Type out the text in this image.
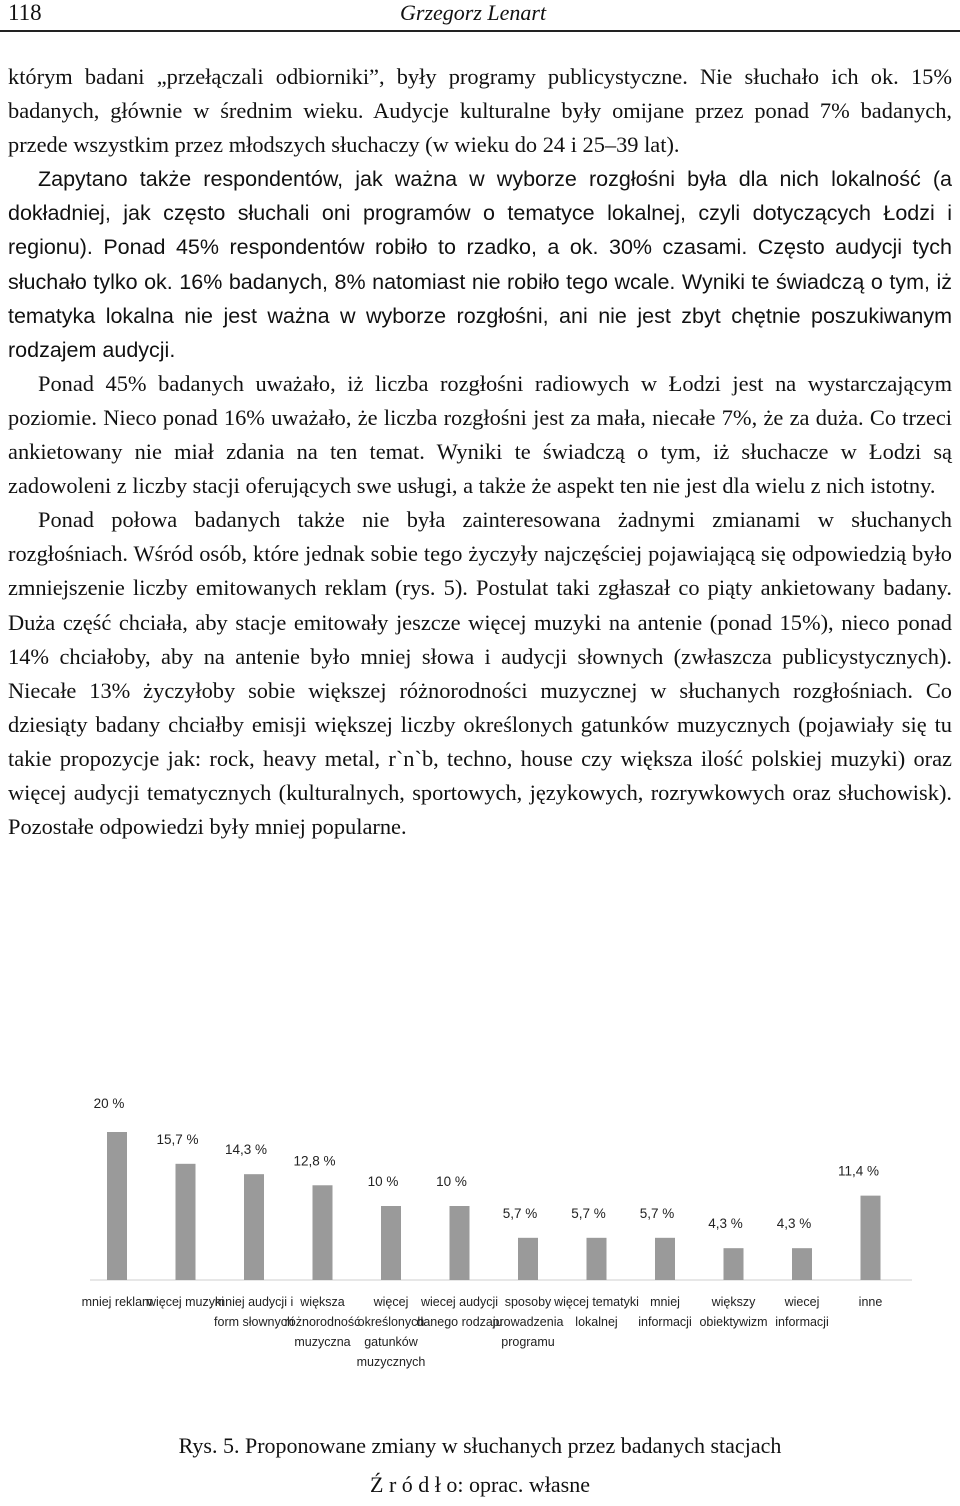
118	Grzegorz Lenart

którym badani „przełączali odbiorniki”, były programy publicystyczne. Nie słuchało ich ok. 15% badanych, głównie w średnim wieku. Audycje kulturalne były omijane przez ponad 7% badanych, przede wszystkim przez młodszych słuchaczy (w wieku do 24 i 25–39 lat).

Zapytano także respondentów, jak ważna w wyborze rozgłośni była dla nich lokalność (a dokładniej, jak często słuchali oni programów o tematyce lokalnej, czyli dotyczących Łodzi i regionu). Ponad 45% respondentów robiło to rzadko, a ok. 30% czasami. Często audycji tych słuchało tylko ok. 16% badanych, 8% natomiast nie robiło tego wcale. Wyniki te świadczą o tym, iż tematyka lokalna nie jest ważna w wyborze rozgłośni, ani nie jest zbyt chętnie poszukiwanym rodzajem audycji.

Ponad 45% badanych uważało, iż liczba rozgłośni radiowych w Łodzi jest na wystarczającym poziomie. Nieco ponad 16% uważało, że liczba rozgłośni jest za mała, niecałe 7%, że za duża. Co trzeci ankietowany nie miał zdania na ten temat. Wyniki te świadczą o tym, iż słuchacze w Łodzi są zadowoleni z liczby stacji oferujących swe usługi, a także że aspekt ten nie jest dla wielu z nich istotny.

Ponad połowa badanych także nie była zainteresowana żadnymi zmianami w słuchanych rozgłośniach. Wśród osób, które jednak sobie tego życzyły najczęściej pojawiającą się odpowiedzią było zmniejszenie liczby emitowanych reklam (rys. 5). Postulat taki zgłaszał co piąty ankietowany badany. Duża część chciała, aby stacje emitowały jeszcze więcej muzyki na antenie (ponad 15%), nieco ponad 14% chciałoby, aby na antenie było mniej słowa i audycji słownych (zwłaszcza publicystycznych). Niecałe 13% życzyłoby sobie większej różnorodności muzycznej w słuchanych rozgłośniach. Co dziesiąty badany chciałby emisji większej liczby określonych gatunków muzycznych (pojawiały się tu takie propozycje jak: rock, heavy metal, r`n`b, techno, house czy większa ilość polskiej muzyki) oraz więcej audycji tematycznych (kulturalnych, sportowych, językowych, rozrywkowych oraz słuchowisk). Pozostałe odpowiedzi były mniej popularne.

20 %
mniej reklam
15,7 %
więcej muzyki
14,3 %
mniej audycji i
form słownych
12,8 %
większa
różnorodność
muzyczna
10 %
więcej
określonych
gatunków
muzycznych
10 %
wiecej audycji
danego rodzaju
5,7 %
sposoby
prowadzenia
programu
5,7 %
więcej tematyki
lokalnej
5,7 %
mniej
informacji
4,3 %
większy
obiektywizm
4,3 %
wiecej
informacji
11,4 %
inne
Rys. 5. Proponowane zmiany w słuchanych przez badanych stacjach
Ź r ó d ł o: oprac. własne
